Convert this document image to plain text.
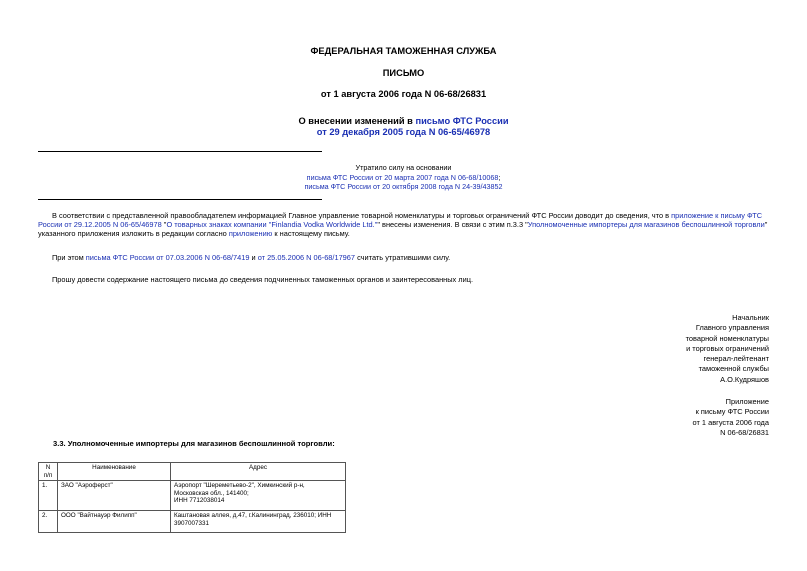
ФЕДЕРАЛЬНАЯ ТАМОЖЕННАЯ СЛУЖБА
ПИСЬМО
от 1 августа 2006 года N 06-68/26831
О внесении изменений в письмо ФТС России
от 29 декабря 2005 года N 06-65/46978
Утратило силу на основании
письма ФТС России от 20 марта 2007 года N 06-68/10068;
письма ФТС России от 20 октября 2008 года N 24-39/43852
В соответствии с представленной правообладателем информацией Главное управление товарной номенклатуры и торговых ограничений ФТС России доводит до сведения, что в приложение к письму ФТС России от 29.12.2005 N 06-65/46978 "О товарных знаках компании "Finlandia Vodka Worldwide Ltd."" внесены изменения. В связи с этим п.3.3 "Уполномоченные импортеры для магазинов беспошлинной торговли" указанного приложения изложить в редакции согласно приложению к настоящему письму.
При этом письма ФТС России от 07.03.2006 N 06-68/7419 и от 25.05.2006 N 06-68/17967 считать утратившими силу.
Прошу довести содержание настоящего письма до сведения подчиненных таможенных органов и заинтересованных лиц.
Начальник
Главного управления
товарной номенклатуры
и торговых ограничений
генерал-лейтенант
таможенной службы
А.О.Кудряшов
Приложение
к письму ФТС России
от 1 августа 2006 года
N 06-68/26831
3.3. Уполномоченные импортеры для магазинов беспошлинной торговли:
N
п/п	Наименование	Адрес
1.	ЗАО "Аэроферст"	Аэропорт "Шереметьево-2", Химкинский р-н,
Московская обл., 141400;
ИНН 7712038014

2.	ООО "Вайтнауэр Филипп"	Каштановая аллея, д.47, г.Калининград, 236010; ИНН
3907007331
